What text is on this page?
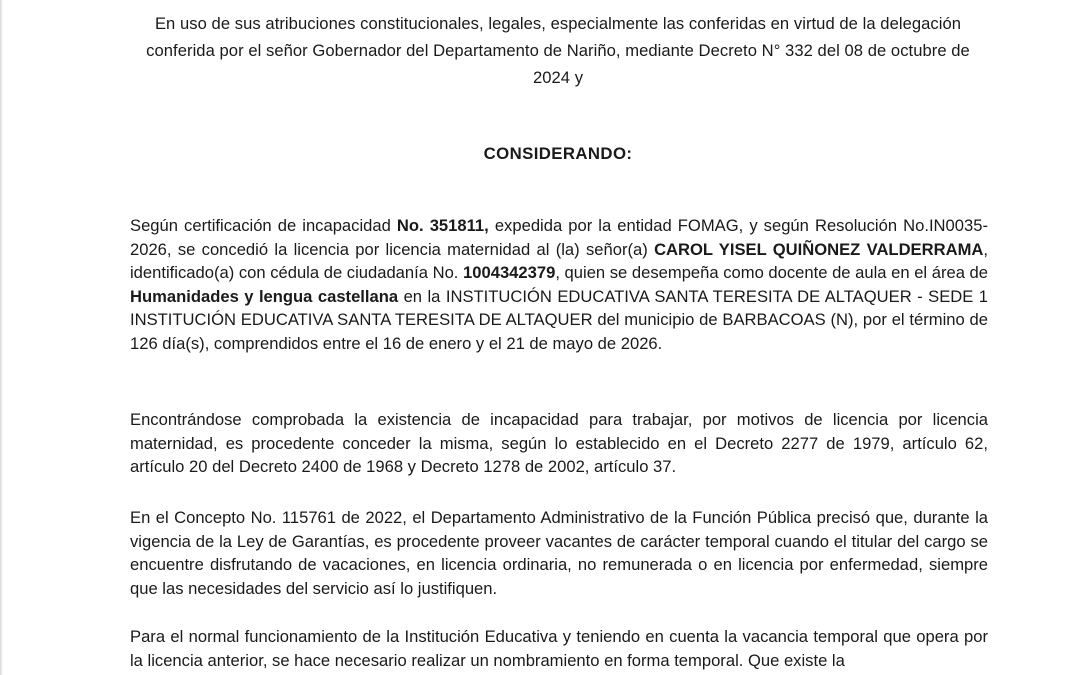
En uso de sus atribuciones constitucionales, legales, especialmente las conferidas en virtud de la delegación conferida por el señor Gobernador del Departamento de Nariño, mediante Decreto N° 332 del 08 de octubre de 2024 y
CONSIDERANDO:

Según certificación de incapacidad No. 351811, expedida por la entidad FOMAG, y según Resolución No.IN0035-2026, se concedió la licencia por licencia maternidad al (la) señor(a) CAROL YISEL QUIÑONEZ VALDERRAMA, identificado(a) con cédula de ciudadanía No. 1004342379, quien se desempeña como docente de aula en el área de Humanidades y lengua castellana en la INSTITUCIÓN EDUCATIVA SANTA TERESITA DE ALTAQUER - SEDE 1 INSTITUCIÓN EDUCATIVA SANTA TERESITA DE ALTAQUER del municipio de BARBACOAS (N), por el término de 126 día(s), comprendidos entre el 16 de enero y el 21 de mayo de 2026.

Encontrándose comprobada la existencia de incapacidad para trabajar, por motivos de licencia por licencia maternidad, es procedente conceder la misma, según lo establecido en el Decreto 2277 de 1979, artículo 62, artículo 20 del Decreto 2400 de 1968 y Decreto 1278 de 2002, artículo 37.

En el Concepto No. 115761 de 2022, el Departamento Administrativo de la Función Pública precisó que, durante la vigencia de la Ley de Garantías, es procedente proveer vacantes de carácter temporal cuando el titular del cargo se encuentre disfrutando de vacaciones, en licencia ordinaria, no remunerada o en licencia por enfermedad, siempre que las necesidades del servicio así lo justifiquen.

Para el normal funcionamiento de la Institución Educativa y teniendo en cuenta la vacancia temporal que opera por la licencia anterior, se hace necesario realizar un nombramiento en forma temporal. Que existe la
